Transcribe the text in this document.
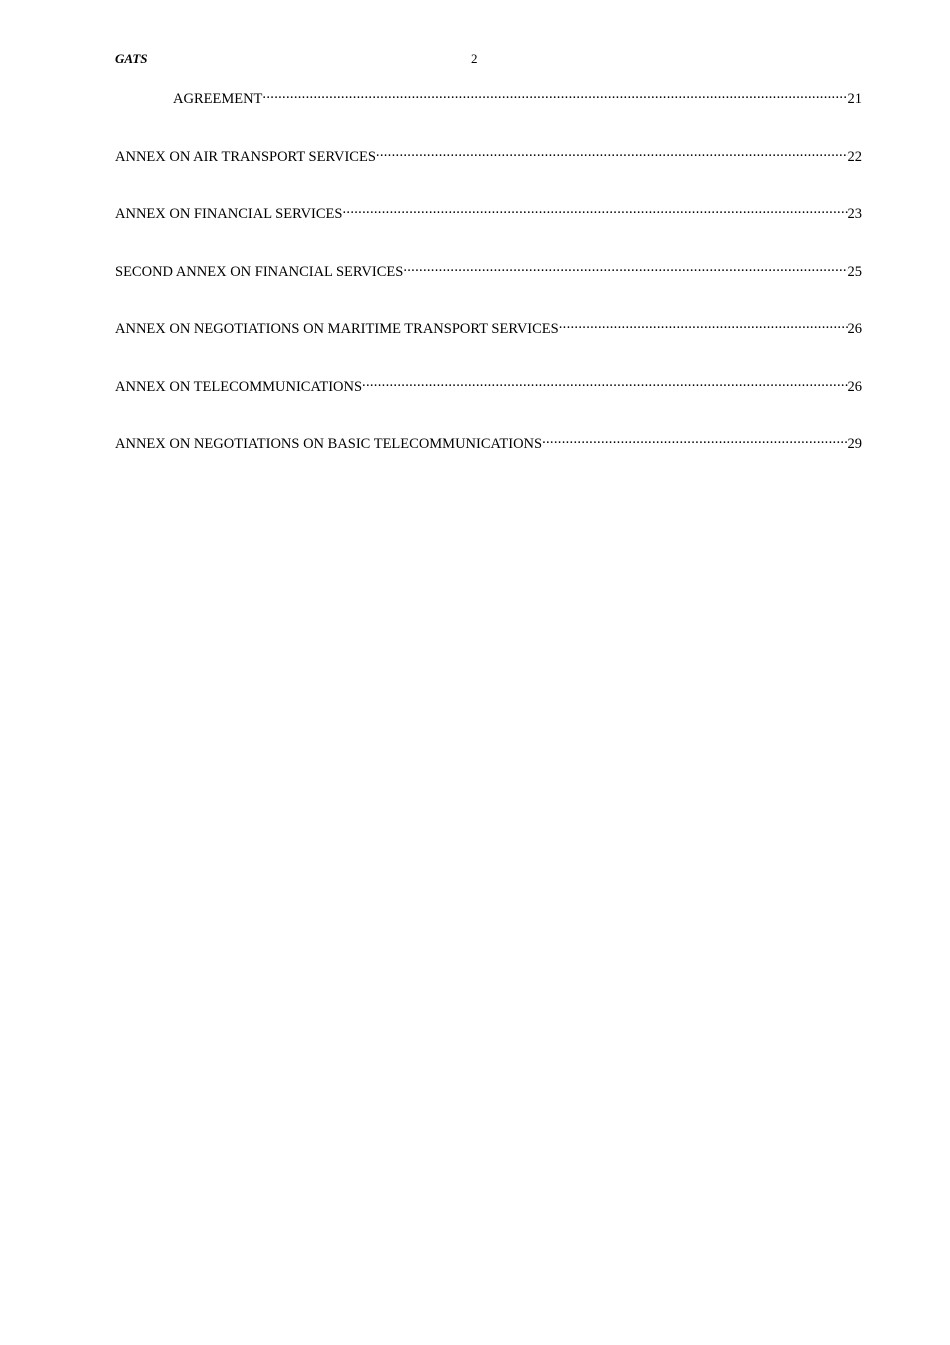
GATS	2
AGREEMENT .....	21
ANNEX ON AIR TRANSPORT SERVICES .....	22
ANNEX ON FINANCIAL SERVICES .....	23
SECOND ANNEX ON FINANCIAL SERVICES .....	25
ANNEX ON NEGOTIATIONS ON MARITIME TRANSPORT SERVICES .....	26
ANNEX ON TELECOMMUNICATIONS .....	26
ANNEX ON NEGOTIATIONS ON BASIC TELECOMMUNICATIONS .....	29
